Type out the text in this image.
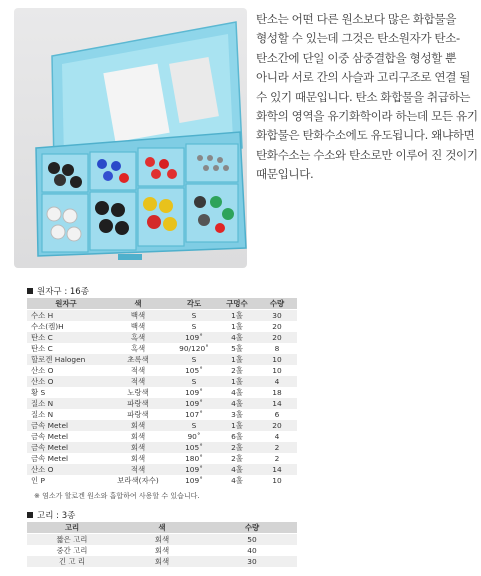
탄소는 어떤 다른 원소보다 많은 화합물을 형성할 수 있는데 그것은 탄소원자가 탄소-탄소간에 단일 이중 삼중결합을 형성할 뿐 아니라 서로 간의 사슬과 고리구조로 연결 될 수 있기 때문입니다. 탄소 화합물을 취급하는 화학의 영역을 유기화학이라 하는데 모든 유기 화합물은 탄화수소에도 유도됩니다. 왜냐하면 탄화수소는 수소와 탄소로만 이루어 진 것이기 때문입니다.
원자구 : 16종
원자구	색	각도	구멍수	수량
수소 H	백색	S	1홀	30
수소(켐)H	백색	S	1홀	20
탄소 C	흑색	109˚	4홀	20
탄소 C	흑색	90/120˚	5홀	8
할로겐 Halogen	초록색	S	1홀	10
산소 O	적색	105˚	2홀	10
산소 O	적색	S	1홀	4
황 S	노랑색	109˚	4홀	18
질소 N	파랑색	109˚	4홀	14
질소 N	파랑색	107˚	3홀	6
금속 Metel	회색	S	1홀	20
금속 Metel	회색	90˚	6홀	4
금속 Metel	회색	105˚	2홀	2
금속 Metel	회색	180˚	2홀	2
산소 O	적색	109˚	4홀	14
인 P	보라색(자수)	109˚	4홀	10
※ 염소가 할로겐 원소와 흡합하여 사용할 수 있습니다.
고리 : 3종
고리	색	수량
짧은 고리	회색	50
중간 고리	회색	40
긴 고 리	회색	30
